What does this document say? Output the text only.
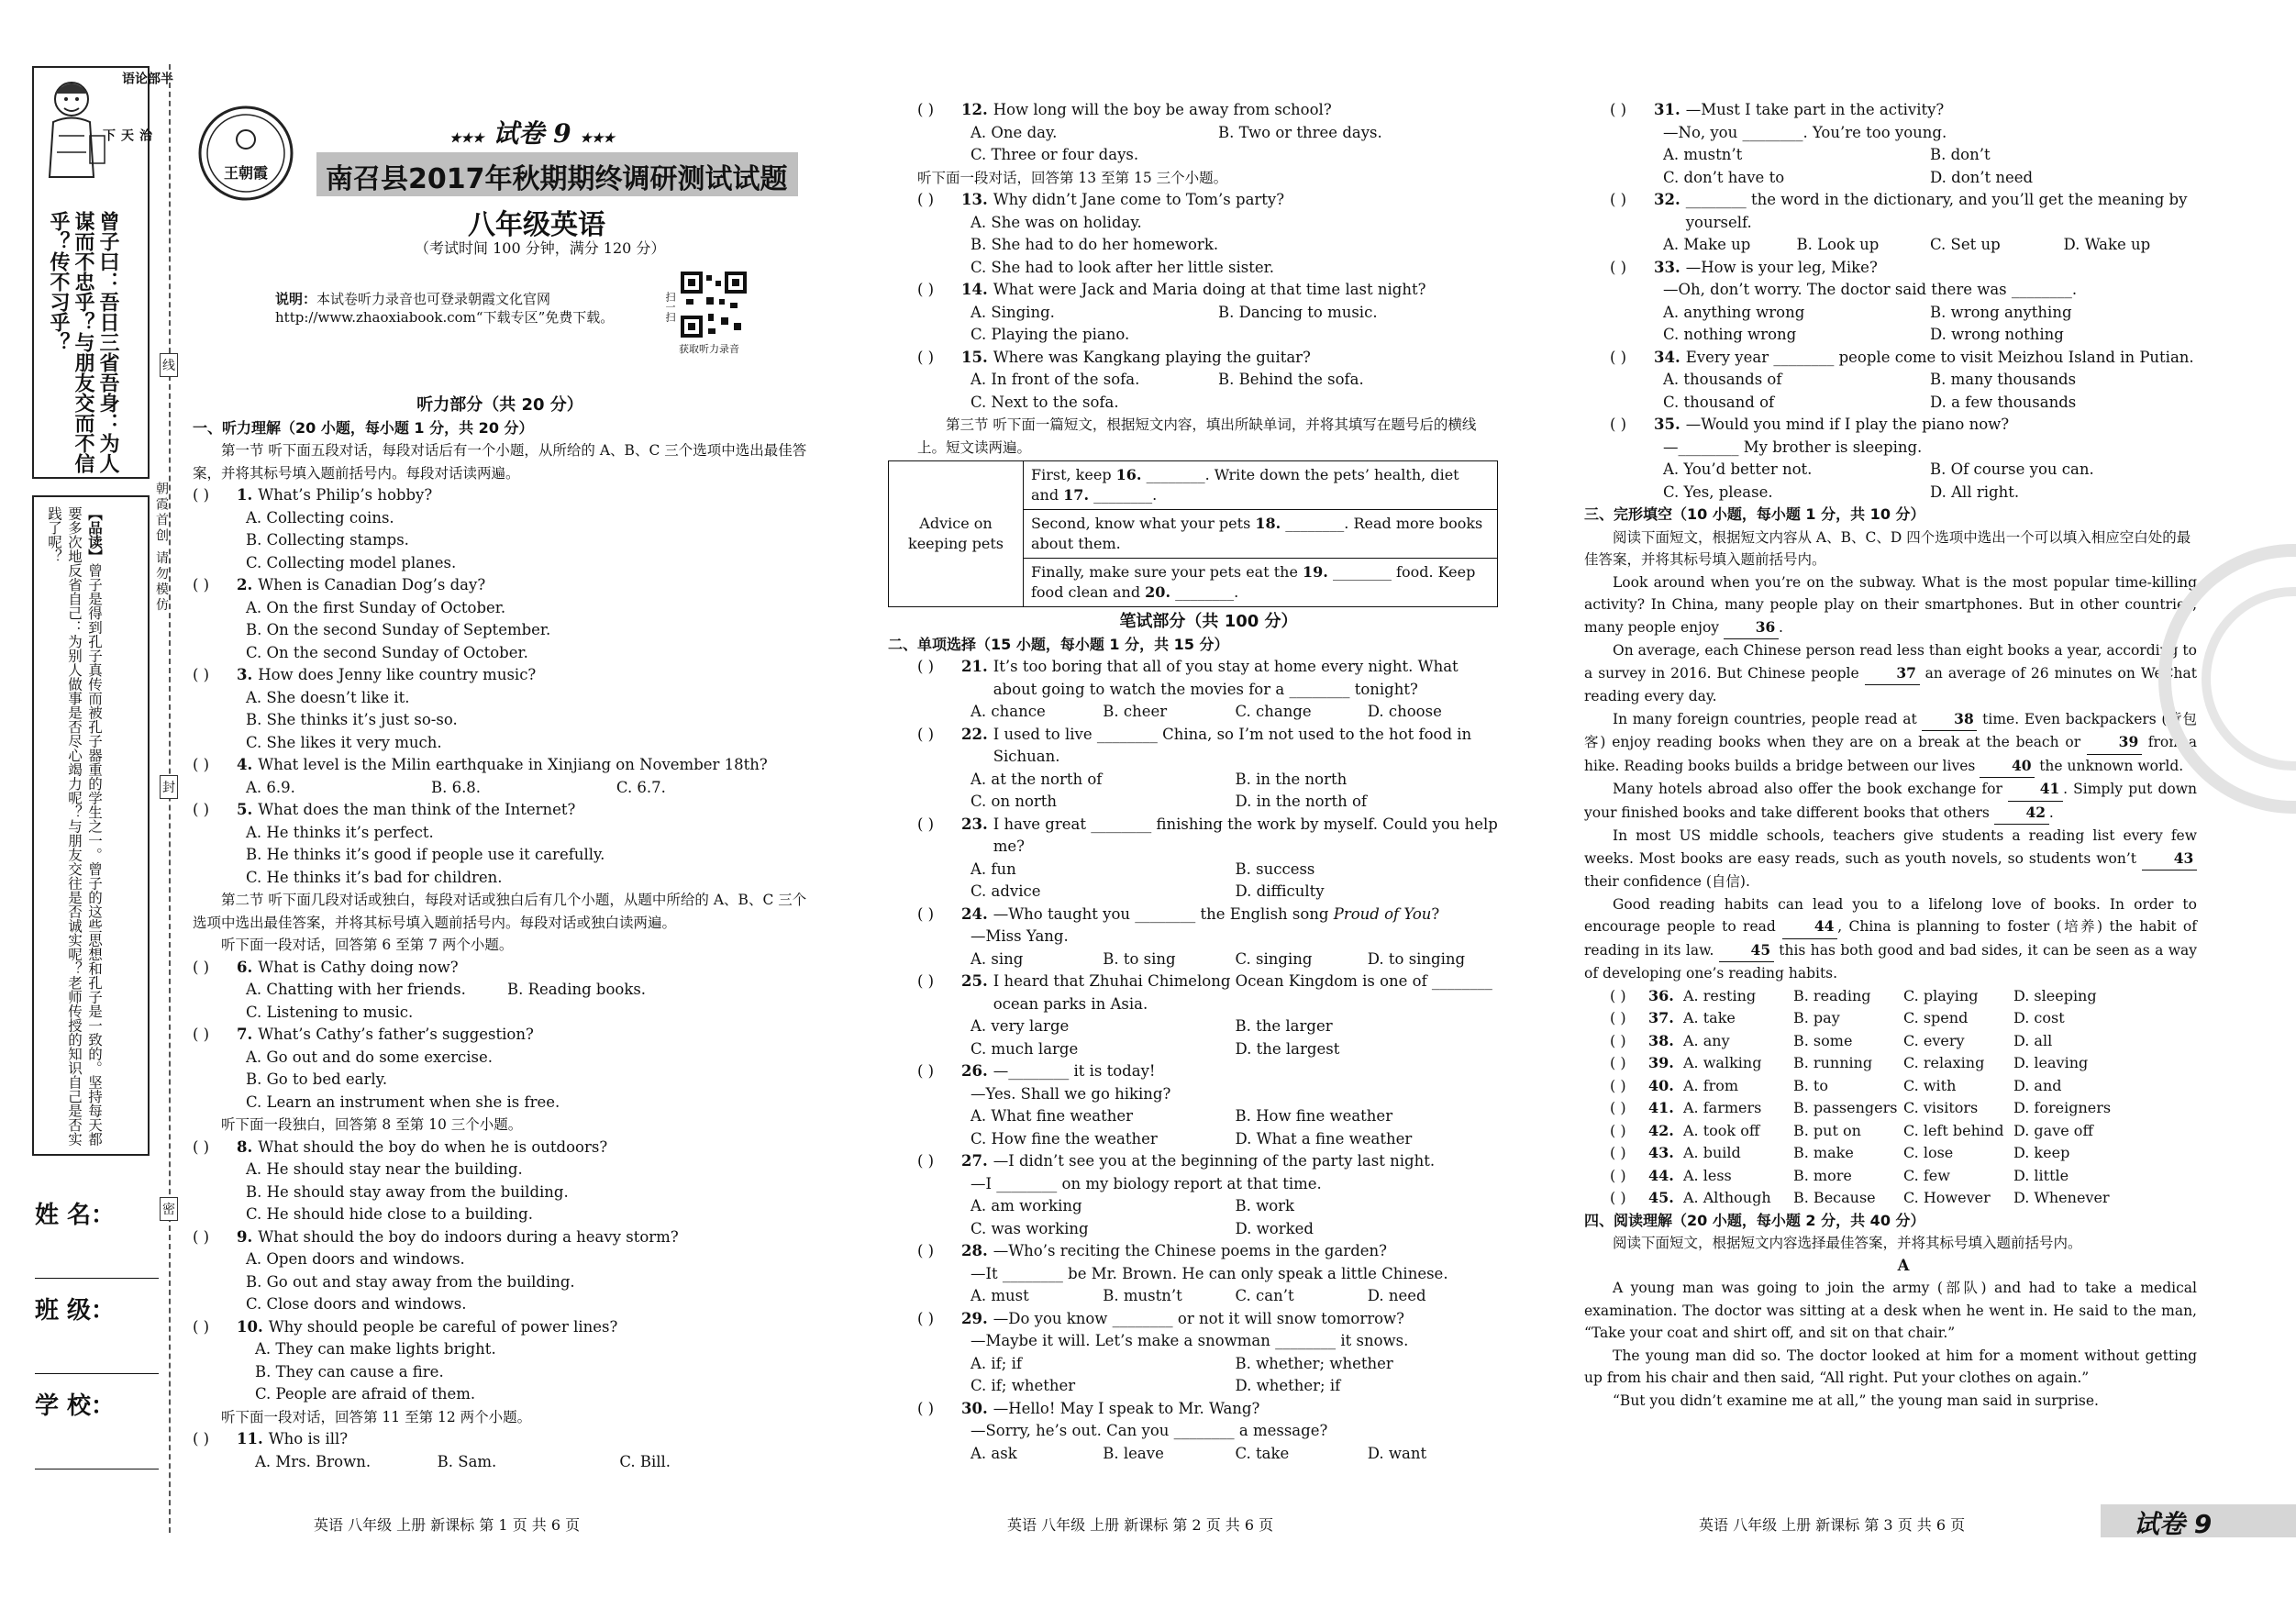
半
部
论
语
治
天
下
曾子曰：吾日三省吾身：为人谋而不忠乎？与朋友交而不信乎？传不习乎？
【品读】曾子是得到孔子真传而被孔子器重的学生之一。曾子的这些思想和孔子是一致的。坚持每天都要多次地反省自己：为别人做事是否尽心竭力呢？与朋友交往是否诚实呢？老师传授的知识自己是否实践了呢？	朝霞首创 请勿模仿
姓 名：
班 级：
学 校：
线
封
密
王朝霞
★★★ 试卷 9 ★★★
南召县2017年秋期期终调研测试试题
八年级英语
（考试时间 100 分钟，满分 120 分）
说明：本试卷听力录音也可登录朝霞文化官网 http://www.zhaoxiabook.com“下载专区”免费下载。	扫一扫
获取听力录音
听力部分（共 20 分）
一、听力理解（20 小题，每小题 1 分，共 20 分）
第一节 听下面五段对话，每段对话后有一个小题，从所给的 A、B、C 三个选项中选出最佳答案，并将其标号填入题前括号内。每段对话读两遍。
( )	1. What’s Philip’s hobby?
A. Collecting coins.
B. Collecting stamps.
C. Collecting model planes.
( )	2. When is Canadian Dog’s day?
A. On the first Sunday of October.
B. On the second Sunday of September.
C. On the second Sunday of October.
( )	3. How does Jenny like country music?
A. She doesn’t like it.
B. She thinks it’s just so-so.
C. She likes it very much.
( )	4. What level is the Milin earthquake in Xinjiang on November 18th?
A. 6.9.	B. 6.8.	C. 6.7.
( )	5. What does the man think of the Internet?
A. He thinks it’s perfect.
B. He thinks it’s good if people use it carefully.
C. He thinks it’s bad for children.
第二节 听下面几段对话或独白，每段对话或独白后有几个小题，从题中所给的 A、B、C 三个选项中选出最佳答案，并将其标号填入题前括号内。每段对话或独白读两遍。
听下面一段对话，回答第 6 至第 7 两个小题。
( )	6. What is Cathy doing now?
A. Chatting with her friends.	B. Reading books.
C. Listening to music.
( )	7. What’s Cathy’s father’s suggestion?
A. Go out and do some exercise.
B. Go to bed early.
C. Learn an instrument when she is free.
听下面一段独白，回答第 8 至第 10 三个小题。
( )	8. What should the boy do when he is outdoors?
A. He should stay near the building.
B. He should stay away from the building.
C. He should hide close to a building.
( )	9. What should the boy do indoors during a heavy storm?
A. Open doors and windows.
B. Go out and stay away from the building.
C. Close doors and windows.
( )	10. Why should people be careful of power lines?
A. They can make lights bright.
B. They can cause a fire.
C. People are afraid of them.
听下面一段对话，回答第 11 至第 12 两个小题。
( )	11. Who is ill?
A. Mrs. Brown.	B. Sam.	C. Bill.
( )	12. How long will the boy be away from school?
A. One day.	B. Two or three days.
C. Three or four days.
听下面一段对话，回答第 13 至第 15 三个小题。
( )	13. Why didn’t Jane come to Tom’s party?
A. She was on holiday.
B. She had to do her homework.
C. She had to look after her little sister.
( )	14. What were Jack and Maria doing at that time last night?
A. Singing.	B. Dancing to music.
C. Playing the piano.
( )	15. Where was Kangkang playing the guitar?
A. In front of the sofa.	B. Behind the sofa.
C. Next to the sofa.
第三节 听下面一篇短文，根据短文内容，填出所缺单词，并将其填写在题号后的横线上。短文读两遍。
Advice on keeping pets	First, keep 16. ________. Write down the pets’ health, diet and 17. ________.
Second, know what your pets 18. ________. Read more books about them.
Finally, make sure your pets eat the 19. ________ food. Keep food clean and 20. ________.
笔试部分（共 100 分）
二、单项选择（15 小题，每小题 1 分，共 15 分）
( )	21. It’s too boring that all of you stay at home every night. What about going to watch the movies for a ________ tonight?
A. chance	B. cheer	C. change	D. choose
( )	22. I used to live ________ China, so I’m not used to the hot food in Sichuan.
A. at the north of	B. in the north
C. on north	D. in the north of
( )	23. I have great ________ finishing the work by myself. Could you help me?
A. fun	B. success
C. advice	D. difficulty
( )	24. —Who taught you ________ the English song Proud of You?
—Miss Yang.
A. sing	B. to sing	C. singing	D. to singing
( )	25. I heard that Zhuhai Chimelong Ocean Kingdom is one of ________ ocean parks in Asia.
A. very large	B. the larger
C. much large	D. the largest
( )	26. —________ it is today!
—Yes. Shall we go hiking?
A. What fine weather	B. How fine weather
C. How fine the weather	D. What a fine weather
( )	27. —I didn’t see you at the beginning of the party last night.
—I ________ on my biology report at that time.
A. am working	B. work
C. was working	D. worked
( )	28. —Who’s reciting the Chinese poems in the garden?
—It ________ be Mr. Brown. He can only speak a little Chinese.
A. must	B. mustn’t	C. can’t	D. need
( )	29. —Do you know ________ or not it will snow tomorrow?
—Maybe it will. Let’s make a snowman ________ it snows.
A. if; if	B. whether; whether
C. if; whether	D. whether; if
( )	30. —Hello! May I speak to Mr. Wang?
—Sorry, he’s out. Can you ________ a message?
A. ask	B. leave	C. take	D. want
( )	31. —Must I take part in the activity?
—No, you ________. You’re too young.
A. mustn’t	B. don’t
C. don’t have to	D. don’t need
( )	32. ________ the word in the dictionary, and you’ll get the meaning by yourself.
A. Make up	B. Look up	C. Set up	D. Wake up
( )	33. —How is your leg, Mike?
—Oh, don’t worry. The doctor said there was ________.
A. anything wrong	B. wrong anything
C. nothing wrong	D. wrong nothing
( )	34. Every year ________ people come to visit Meizhou Island in Putian.
A. thousands of	B. many thousands
C. thousand of	D. a few thousands
( )	35. —Would you mind if I play the piano now?
—________ My brother is sleeping.
A. You’d better not.	B. Of course you can.
C. Yes, please.	D. All right.
三、完形填空（10 小题，每小题 1 分，共 10 分）
阅读下面短文，根据短文内容从 A、B、C、D 四个选项中选出一个可以填入相应空白处的最佳答案，并将其标号填入题前括号内。

Look around when you’re on the subway. What is the most popular time-killing activity? In China, many people play on their smartphones. But in other countries, many people enjoy 36 .

On average, each Chinese person read less than eight books a year, according to a survey in 2016. But Chinese people 37 an average of 26 minutes on WeChat reading every day.

In many foreign countries, people read at 38 time. Even backpackers (背包客) enjoy reading books when they are on a break at the beach or 39 from a hike. Reading books builds a bridge between our lives 40 the unknown world.

Many hotels abroad also offer the book exchange for 41 . Simply put down your finished books and take different books that others 42 .

In most US middle schools, teachers give students a reading list every few weeks. Most books are easy reads, such as youth novels, so students won’t 43 their confidence (自信).

Good reading habits can lead you to a lifelong love of books. In order to encourage people to read 44 , China is planning to foster (培养) the habit of reading in its law. 45 this has both good and bad sides, it can be seen as a way of developing one’s reading habits.

( )	36. A. resting	B. reading	C. playing	D. sleeping
( )	37. A. take	B. pay	C. spend	D. cost
( )	38. A. any	B. some	C. every	D. all
( )	39. A. walking	B. running	C. relaxing	D. leaving
( )	40. A. from	B. to	C. with	D. and
( )	41. A. farmers	B. passengers C. visitors	D. foreigners
( )	42. A. took off	B. put on	C. left behind D. gave off
( )	43. A. build	B. make	C. lose	D. keep
( )	44. A. less	B. more	C. few	D. little
( )	45. A. Although	B. Because	C. However	D. Whenever
四、阅读理解（20 小题，每小题 2 分，共 40 分）
阅读下面短文，根据短文内容选择最佳答案，并将其标号填入题前括号内。
A

A young man was going to join the army (部队) and had to take a medical examination. The doctor was sitting at a desk when he went in. He said to the man, “Take your coat and shirt off, and sit on that chair.”

The young man did so. The doctor looked at him for a moment without getting up from his chair and then said, “All right. Put your clothes on again.”

“But you didn’t examine me at all,” the young man said in surprise.

英语 八年级 上册 新课标 第 1 页 共 6 页	英语 八年级 上册 新课标 第 2 页 共 6 页	英语 八年级 上册 新课标 第 3 页 共 6 页	试卷 9
